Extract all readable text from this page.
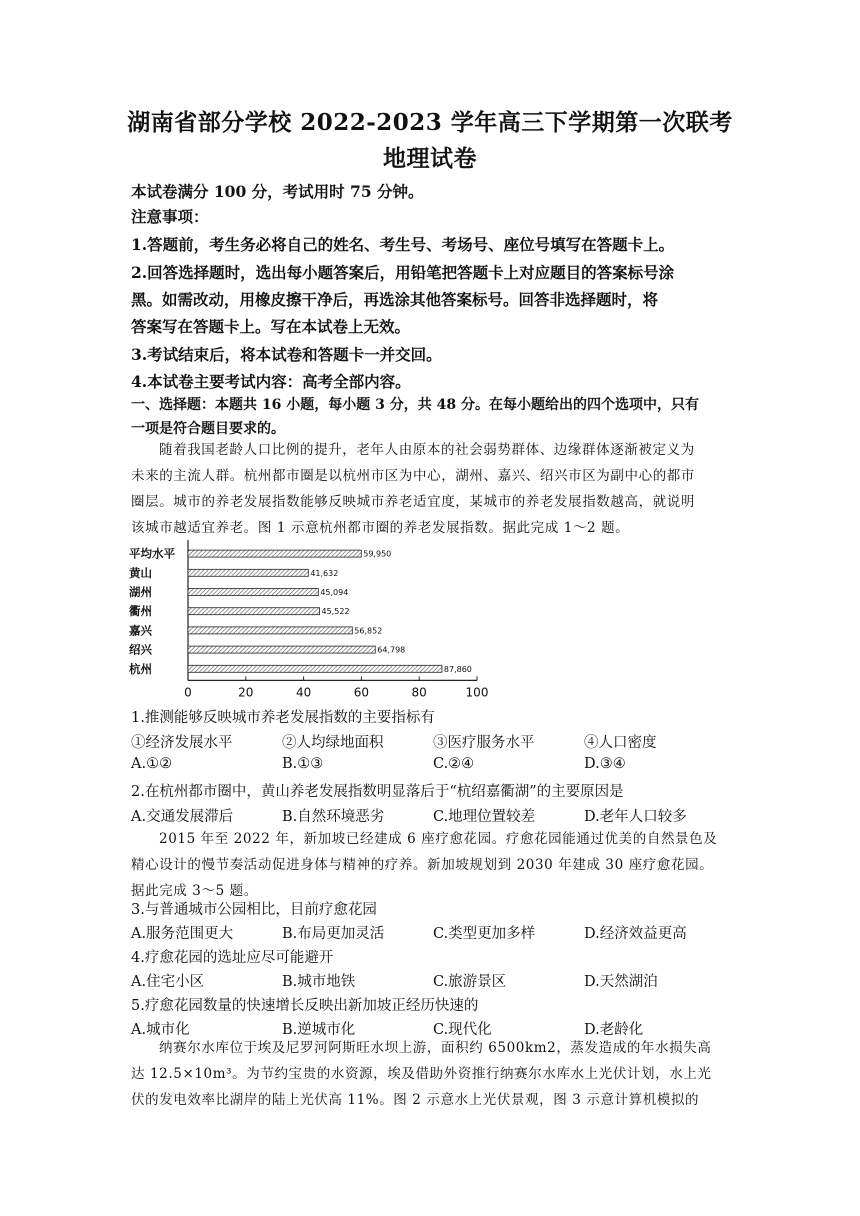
湖南省部分学校 2022-2023 学年高三下学期第一次联考
地理试卷
本试卷满分 100 分，考试用时 75 分钟。
注意事项：
1.答题前，考生务必将自己的姓名、考生号、考场号、座位号填写在答题卡上。
2.回答选择题时，选出每小题答案后，用铅笔把答题卡上对应题目的答案标号涂
黑。如需改动，用橡皮擦干净后，再选涂其他答案标号。回答非选择题时，将
答案写在答题卡上。写在本试卷上无效。
3.考试结束后，将本试卷和答题卡一并交回。
4.本试卷主要考试内容：高考全部内容。
一、选择题：本题共 16 小题，每小题 3 分，共 48 分。在每小题给出的四个选项中，只有
一项是符合题目要求的。
随着我国老龄人口比例的提升，老年人由原本的社会弱势群体、边缘群体逐渐被定义为
未来的主流人群。杭州都市圈是以杭州市区为中心，湖州、嘉兴、绍兴市区为副中心的都市
圈层。城市的养老发展指数能够反映城市养老适宜度，某城市的养老发展指数越高，就说明
该城市越适宜养老。图 1 示意杭州都市圈的养老发展指数。据此完成 1～2 题。
平均水平	59,950
黄山	41,632
湖州	45,094
衢州	45,522
嘉兴	56,852
绍兴	64,798
杭州	87,860
0	20	40	60	80	100
1.推测能够反映城市养老发展指数的主要指标有
①经济发展水平	②人均绿地面积	③医疗服务水平	④人口密度
A.①②	B.①③	C.②④	D.③④
2.在杭州都市圈中，黄山养老发展指数明显落后于“杭绍嘉衢湖”的主要原因是
A.交通发展滞后	B.自然环境恶劣	C.地理位置较差	D.老年人口较多
2015 年至 2022 年，新加坡已经建成 6 座疗愈花园。疗愈花园能通过优美的自然景色及
精心设计的慢节奏活动促进身体与精神的疗养。新加坡规划到 2030 年建成 30 座疗愈花园。
据此完成 3～5 题。
3.与普通城市公园相比，目前疗愈花园
A.服务范围更大	B.布局更加灵活	C.类型更加多样	D.经济效益更高
4.疗愈花园的选址应尽可能避开
A.住宅小区	B.城市地铁	C.旅游景区	D.天然湖泊
5.疗愈花园数量的快速增长反映出新加坡正经历快速的
A.城市化	B.逆城市化	C.现代化	D.老龄化
纳赛尔水库位于埃及尼罗河阿斯旺水坝上游，面积约 6500km2，蒸发造成的年水损失高
达 12.5×10m³。为节约宝贵的水资源，埃及借助外资推行纳赛尔水库水上光伏计划，水上光
伏的发电效率比湖岸的陆上光伏高 11%。图 2 示意水上光伏景观，图 3 示意计算机模拟的
